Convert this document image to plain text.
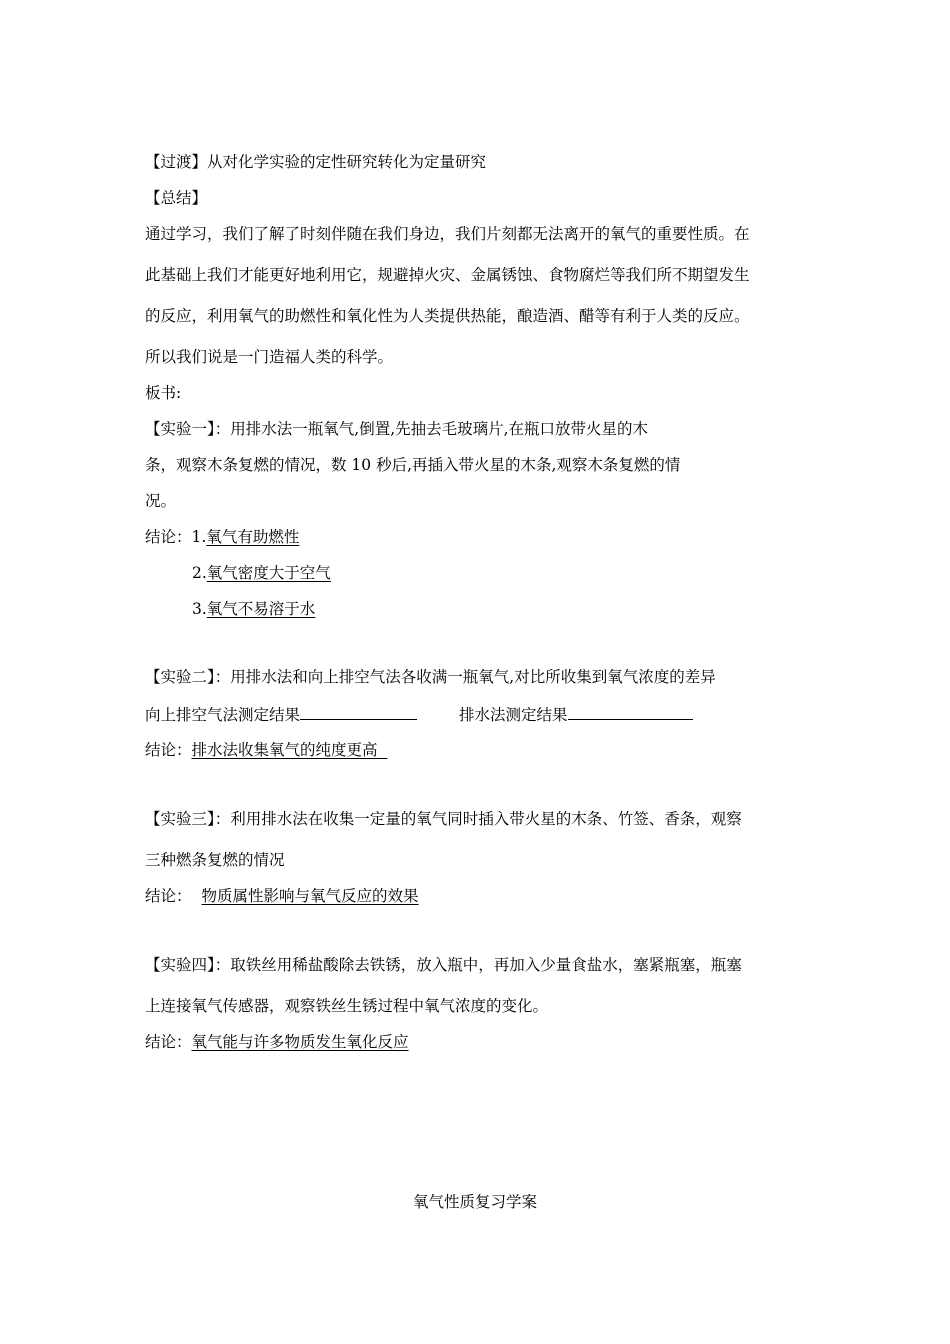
【过渡】从对化学实验的定性研究转化为定量研究
【总结】
通过学习，我们了解了时刻伴随在我们身边，我们片刻都无法离开的氧气的重要性质。在
此基础上我们才能更好地利用它，规避掉火灾、金属锈蚀、食物腐烂等我们所不期望发生
的反应，利用氧气的助燃性和氧化性为人类提供热能，酿造酒、醋等有利于人类的反应。
所以我们说是一门造福人类的科学。
板书:
【实验一】：用排水法一瓶氧气,倒置,先抽去毛玻璃片,在瓶口放带火星的木
条，观察木条复燃的情况，数 10 秒后,再插入带火星的木条,观察木条复燃的情
况。
结论：1.氧气有助燃性
2.氧气密度大于空气
3.氧气不易溶于水
【实验二】：用排水法和向上排空气法各收满一瓶氧气,对比所收集到氧气浓度的差异
向上排空气法测定结果	排水法测定结果
结论：排水法收集氧气的纯度更高
【实验三】：利用排水法在收集一定量的氧气同时插入带火星的木条、竹签、香条，观察
三种燃条复燃的情况
结论： 物质属性影响与氧气反应的效果
【实验四】：取铁丝用稀盐酸除去铁锈，放入瓶中，再加入少量食盐水，塞紧瓶塞，瓶塞
上连接氧气传感器，观察铁丝生锈过程中氧气浓度的变化。
结论：氧气能与许多物质发生氧化反应
氧气性质复习学案
